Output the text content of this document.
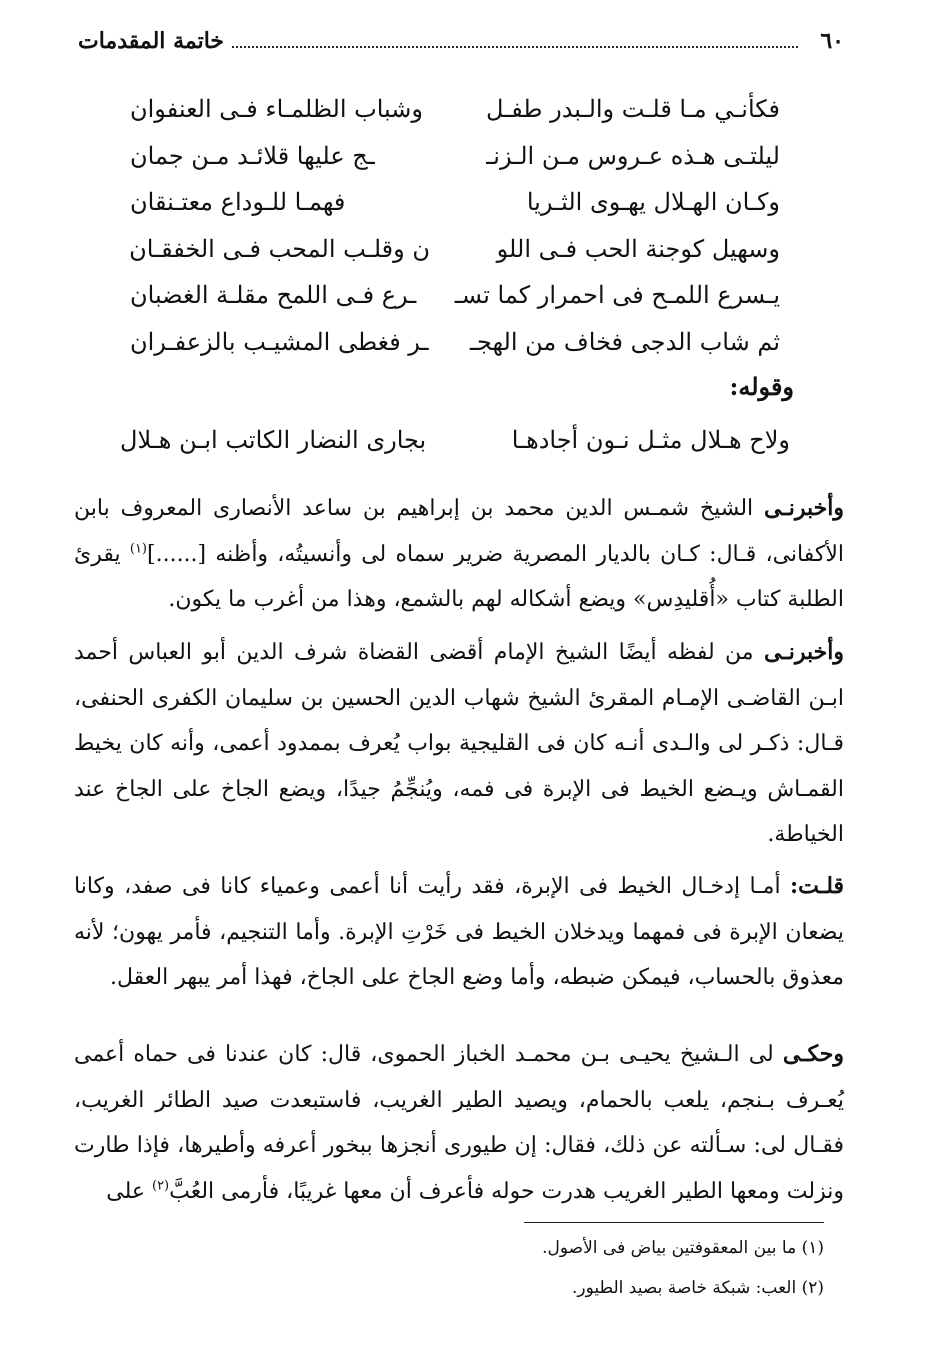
٦٠
خاتمة المقدمات
فكأنـي مـا قلـت والـبدر طفـل
وشباب الظلمـاء فـى العنفوان
ليلتـى هـذه عـروس مـن الـزنـ
ـج عليها قلائـد مـن جمان
وكـان الهـلال يهـوى الثـريا
فهمـا للـوداع معتـنقان
وسهيل كوجنة الحب فـى اللو
ن وقلـب المحب فـى الخفقـان
يـسرع اللمـح فى احمرار كما تسـ
ـرع فـى اللمح مقلـة الغضبان
ثم شاب الدجى فخاف من الهجـ
ـر فغطى المشيـب بالزعفـران
وقوله:
ولاح هـلال مثـل نـون أجادهـا
بجارى النضار الكاتب ابـن هـلال

وأخبرنـى الشيخ شمـس الدين محمد بن إبراهيم بن ساعد الأنصارى المعروف بابن الأكفانى، قـال: كـان بالديار المصرية ضرير سماه لى وأنسيتُه، وأظنه [......]$^{(١)}$ يقرئ الطلبة كتاب «أُقليدِس» ويضع أشكاله لهم بالشمع، وهذا من أغرب ما يكون.

وأخبرنـى من لفظه أيضًا الشيخ الإمام أقضى القضاة شرف الدين أبو العباس أحمد ابـن القاضـى الإمـام المقرئ الشيخ شهاب الدين الحسين بن سليمان الكفرى الحنفى، قـال: ذكـر لى والـدى أنـه كان فى القليجية بواب يُعرف بممدود أعمى، وأنه كان يخيط القمـاش ويـضع الخيط فى الإبرة فى فمه، ويُنجِّمُ جيدًا، ويضع الجاخ على الجاخ عند الخياطة.

قلـت: أمـا إدخـال الخيط فى الإبرة، فقد رأيت أنا أعمى وعمياء كانا فى صفد، وكانا يضعان الإبرة فى فمهما ويدخلان الخيط فى خَرْتِ الإبرة. وأما التنجيم، فأمر يهون؛ لأنه معذوق بالحساب، فيمكن ضبطه، وأما وضع الجاخ على الجاخ، فهذا أمر يبهر العقل.

وحكـى لى الـشيخ يحيـى بـن محمـد الخباز الحموى، قال: كان عندنا فى حماه أعمى يُعـرف بـنجم، يلعب بالحمام، ويصيد الطير الغريب، فاستبعدت صيد الطائر الغريب، فقـال لى: سـألته عن ذلك، فقال: إن طيورى أنجزها ببخور أعرفه وأطيرها، فإذا طارت ونزلت ومعها الطير الغريب هدرت حوله فأعرف أن معها غريبًا، فأرمى العُبَّ$^{(٢)}$ على

(١) ما بين المعقوفتين بياض فى الأصول.
(٢) العب: شبكة خاصة بصيد الطيور.
